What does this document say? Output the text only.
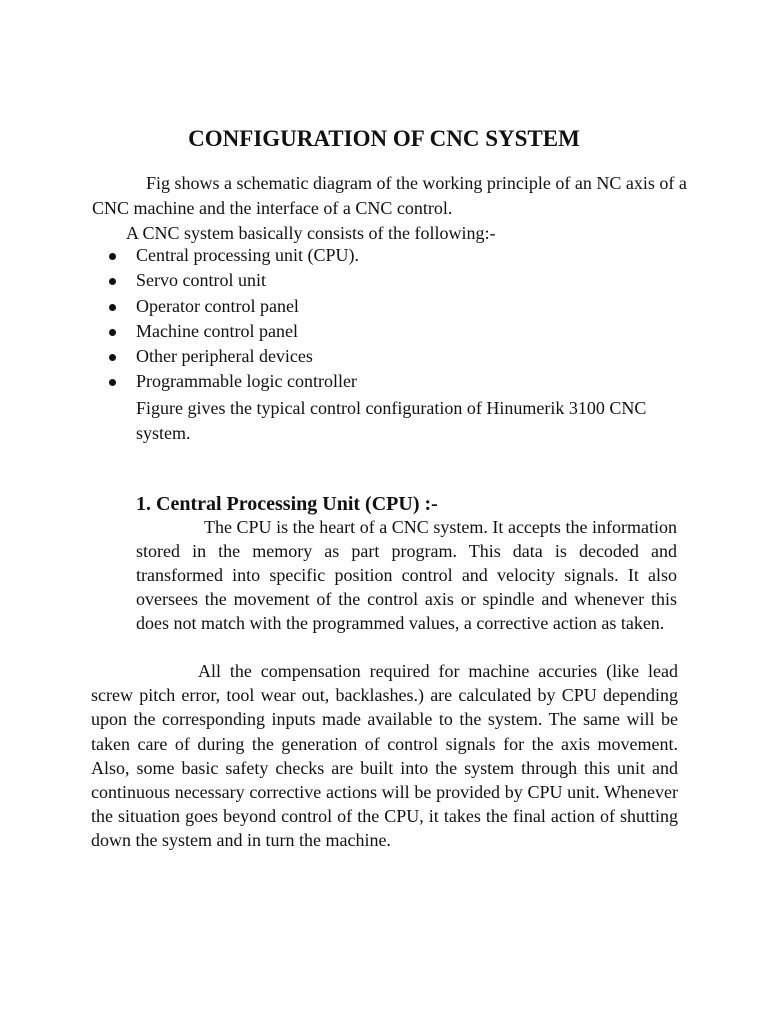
CONFIGURATION OF CNC SYSTEM

Fig shows a schematic diagram of the working principle of an NC axis of a CNC machine and the interface of a CNC control.

A CNC system basically consists of the following:-

Central processing unit (CPU).
Servo control unit
Operator control panel
Machine control panel
Other peripheral devices
Programmable logic controller

Figure gives the typical control configuration of Hinumerik 3100 CNC system.

1. Central Processing Unit (CPU) :-

The CPU is the heart of a CNC system. It accepts the information stored in the memory as part program. This data is decoded and transformed into specific position control and velocity signals. It also oversees the movement of the control axis or spindle and whenever this does not match with the programmed values, a corrective action as taken.

All the compensation required for machine accuries (like lead screw pitch error, tool wear out, backlashes.) are calculated by CPU depending upon the corresponding inputs made available to the system. The same will be taken care of during the generation of control signals for the axis movement. Also, some basic safety checks are built into the system through this unit and continuous necessary corrective actions will be provided by CPU unit. Whenever the situation goes beyond control of the CPU, it takes the final action of shutting down the system and in turn the machine.
